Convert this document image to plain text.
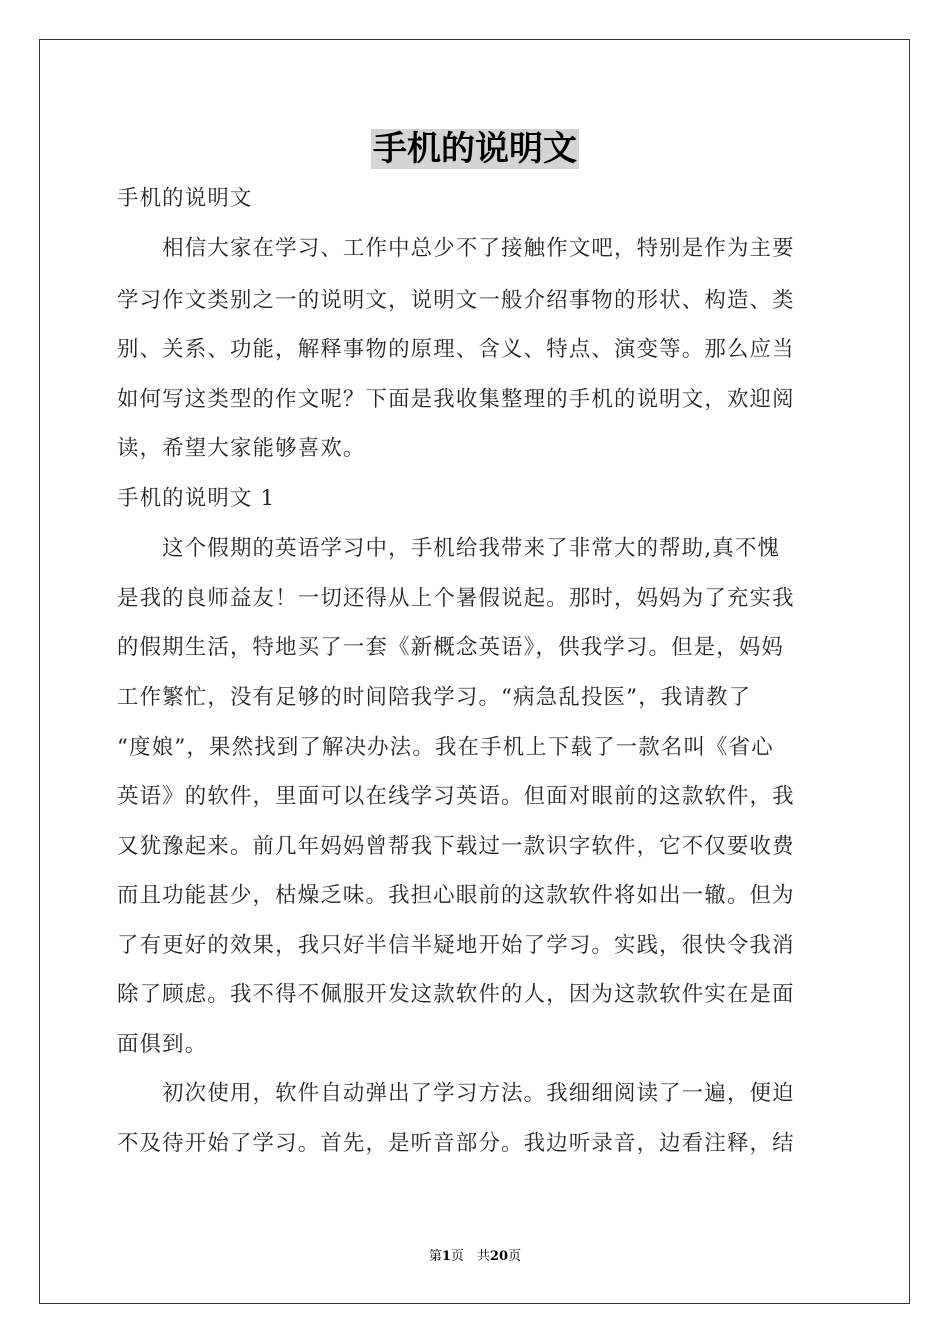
手机的说明文
手机的说明文
　　相信大家在学习、工作中总少不了接触作文吧，特别是作为主要
学习作文类别之一的说明文，说明文一般介绍事物的形状、构造、类
别、关系、功能，解释事物的原理、含义、特点、演变等。那么应当
如何写这类型的作文呢？下面是我收集整理的手机的说明文，欢迎阅
读，希望大家能够喜欢。
手机的说明文 1
　　这个假期的英语学习中，手机给我带来了非常大的帮助,真不愧
是我的良师益友！一切还得从上个暑假说起。那时，妈妈为了充实我
的假期生活，特地买了一套《新概念英语》，供我学习。但是，妈妈
工作繁忙，没有足够的时间陪我学习。“病急乱投医”，我请教了
“度娘”，果然找到了解决办法。我在手机上下载了一款名叫《省心
英语》的软件，里面可以在线学习英语。但面对眼前的这款软件，我
又犹豫起来。前几年妈妈曾帮我下载过一款识字软件，它不仅要收费
而且功能甚少，枯燥乏味。我担心眼前的这款软件将如出一辙。但为
了有更好的效果，我只好半信半疑地开始了学习。实践，很快令我消
除了顾虑。我不得不佩服开发这款软件的人，因为这款软件实在是面
面俱到。
　　初次使用，软件自动弹出了学习方法。我细细阅读了一遍，便迫
不及待开始了学习。首先，是听音部分。我边听录音，边看注释，结
第1页　共20页
